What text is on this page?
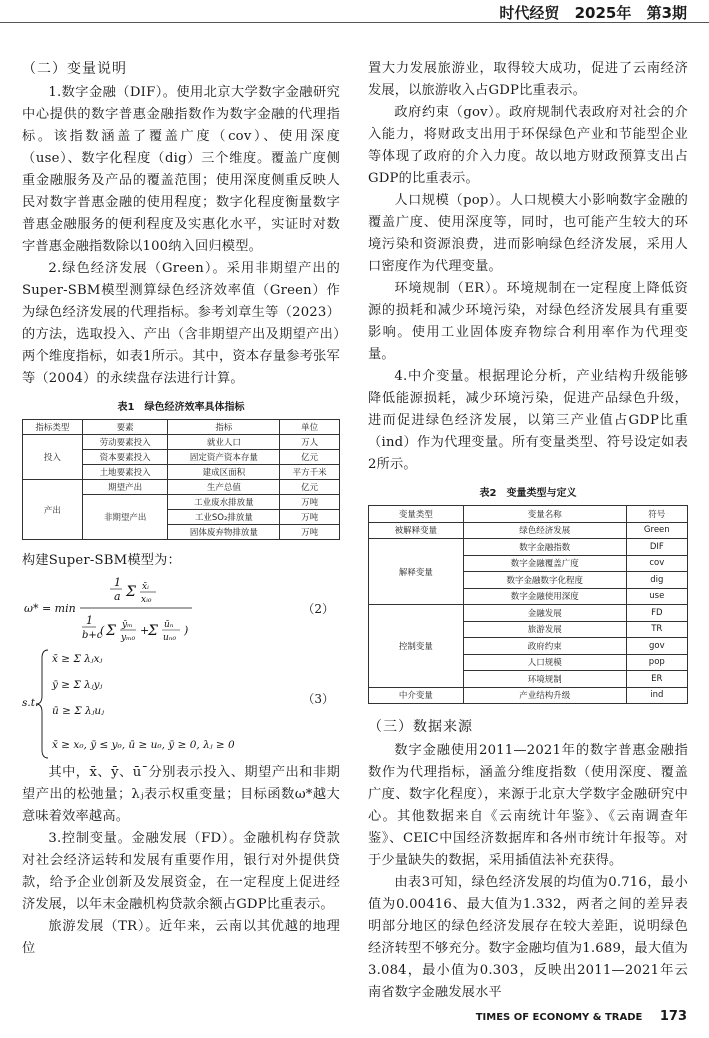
时代经贸 2025年 第3期
（二）变量说明

1.数字金融（DIF）。使用北京大学数字金融研究中心提供的数字普惠金融指数作为数字金融的代理指标。该指数涵盖了覆盖广度（cov）、使用深度（use）、数字化程度（dig）三个维度。覆盖广度侧重金融服务及产品的覆盖范围；使用深度侧重反映人民对数字普惠金融的使用程度；数字化程度衡量数字普惠金融服务的便利程度及实惠化水平，实证时对数字普惠金融指数除以100纳入回归模型。

2.绿色经济发展（Green）。采用非期望产出的Super-SBM模型测算绿色经济效率值（Green）作为绿色经济发展的代理指标。参考刘章生等（2023）的方法，选取投入、产出（含非期望产出及期望产出）两个维度指标，如表1所示。其中，资本存量参考张军等（2004）的永续盘存法进行计算。

表1　绿色经济效率具体指标
指标类型	要素	指标	单位
投入	劳动要素投入	就业人口	万人
	资本要素投入	固定资产资本存量	亿元
	土地要素投入	建成区面积	平方千米
产出	期望产出	生产总值	亿元
	非期望产出	工业废水排放量	万吨
		工业SO₂排放量	万吨
		固体废弃物排放量	万吨

构建Super-SBM模型为：

ω* = min
1
a Σ x̄ᵢ
xᵢ₀
1
b+c
( Σ ȳₘ
yₘ₀
+
Σ ūₙ
uₙ₀
)
（2）
s.t.
x̄ ≥ Σ λⱼxⱼ
ȳ ≥ Σ λⱼyⱼ
ū ≥ Σ λⱼuⱼ
x̄ ≥ x₀, ȳ ≤ y₀, ū ≥ u₀, ȳ ≥ 0, λⱼ ≥ 0
（3）

其中，x̄、ȳ、ūˉ分别表示投入、期望产出和非期望产出的松弛量；λⱼ表示权重变量；目标函数ω*越大意味着效率越高。

3.控制变量。金融发展（FD）。金融机构存贷款对社会经济运转和发展有重要作用，银行对外提供贷款，给予企业创新及发展资金，在一定程度上促进经济发展，以年末金融机构贷款余额占GDP比重表示。

旅游发展（TR）。近年来，云南以其优越的地理位

置大力发展旅游业，取得较大成功，促进了云南经济发展，以旅游收入占GDP比重表示。

政府约束（gov）。政府规制代表政府对社会的介入能力，将财政支出用于环保绿色产业和节能型企业等体现了政府的介入力度。故以地方财政预算支出占GDP的比重表示。

人口规模（pop）。人口规模大小影响数字金融的覆盖广度、使用深度等，同时，也可能产生较大的环境污染和资源浪费，进而影响绿色经济发展，采用人口密度作为代理变量。

环境规制（ER）。环境规制在一定程度上降低资源的损耗和减少环境污染，对绿色经济发展具有重要影响。使用工业固体废弃物综合利用率作为代理变量。

4.中介变量。根据理论分析，产业结构升级能够降低能源损耗，减少环境污染，促进产品绿色升级，进而促进绿色经济发展，以第三产业值占GDP比重（ind）作为代理变量。所有变量类型、符号设定如表2所示。

表2　变量类型与定义
变量类型	变量名称	符号
被解释变量	绿色经济发展	Green
解释变量	数字金融指数	DIF
	数字金融覆盖广度	cov
	数字金融数字化程度	dig
	数字金融使用深度	use
控制变量	金融发展	FD
	旅游发展	TR
	政府约束	gov
	人口规模	pop
	环境规制	ER
中介变量	产业结构升级	ind
（三）数据来源

数字金融使用2011—2021年的数字普惠金融指数作为代理指标，涵盖分维度指数（使用深度、覆盖广度、数字化程度），来源于北京大学数字金融研究中心。其他数据来自《云南统计年鉴》、《云南调查年鉴》、CEIC中国经济数据库和各州市统计年报等。对于少量缺失的数据，采用插值法补充获得。

由表3可知，绿色经济发展的均值为0.716，最小值为0.00416、最大值为1.332，两者之间的差异表明部分地区的绿色经济发展存在较大差距，说明绿色经济转型不够充分。数字金融均值为1.689，最大值为3.084，最小值为0.303，反映出2011—2021年云南省数字金融发展水平

TIMES OF ECONOMY & TRADE 173
